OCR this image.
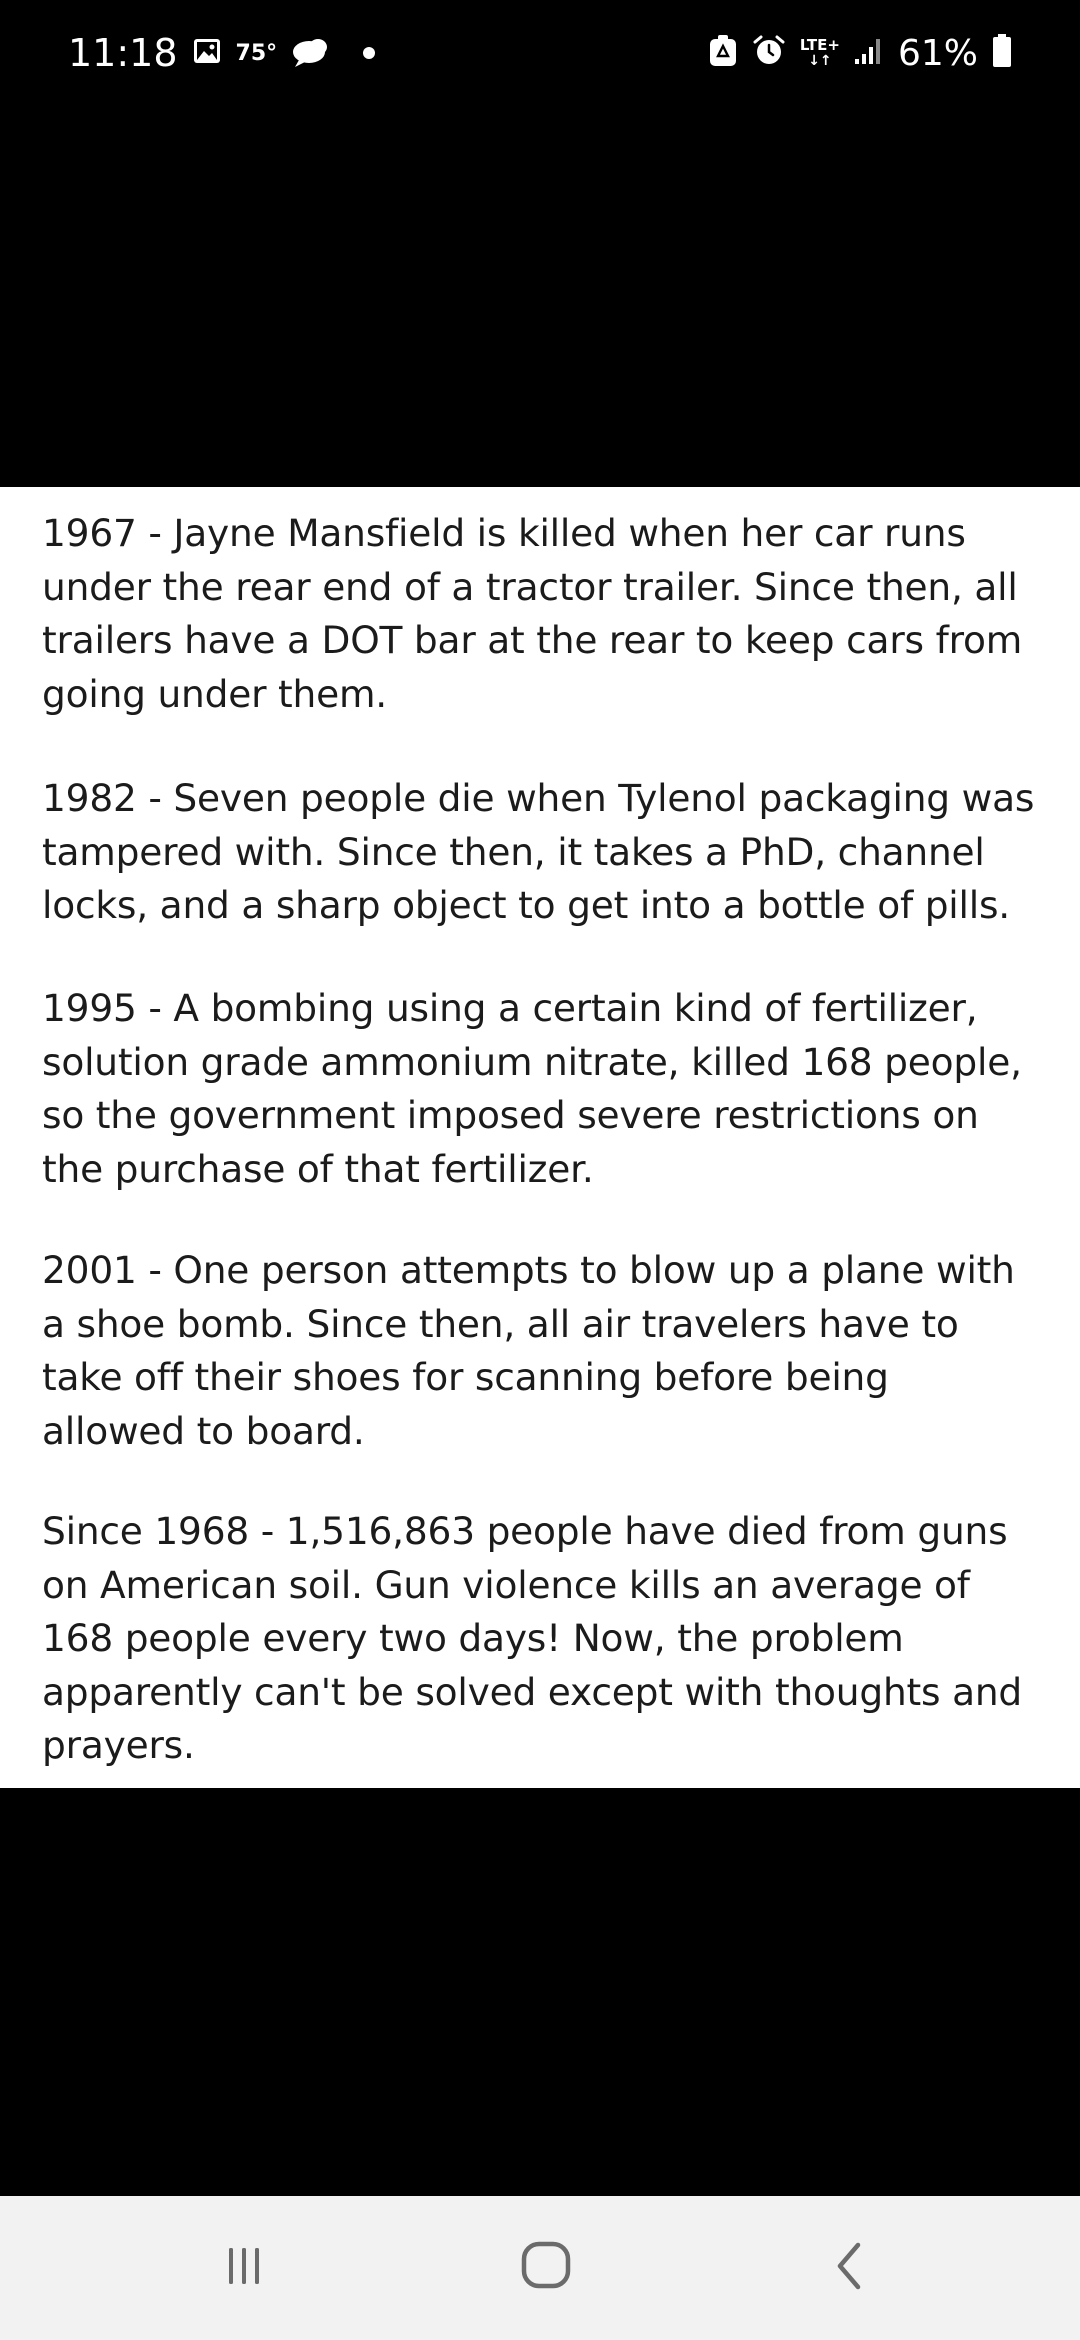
11:18	75°	LTE+
↓↑ 61%

1967 - Jayne Mansfield is killed when her car runs
under the rear end of a tractor trailer. Since then, all
trailers have a DOT bar at the rear to keep cars from
going under them.

1982 - Seven people die when Tylenol packaging was
tampered with. Since then, it takes a PhD, channel
locks, and a sharp object to get into a bottle of pills.

1995 - A bombing using a certain kind of fertilizer,
solution grade ammonium nitrate, killed 168 people,
so the government imposed severe restrictions on
the purchase of that fertilizer.

2001 - One person attempts to blow up a plane with
a shoe bomb. Since then, all air travelers have to
take off their shoes for scanning before being
allowed to board.

Since 1968 - 1,516,863 people have died from guns
on American soil. Gun violence kills an average of
168 people every two days! Now, the problem
apparently can't be solved except with thoughts and
prayers.
